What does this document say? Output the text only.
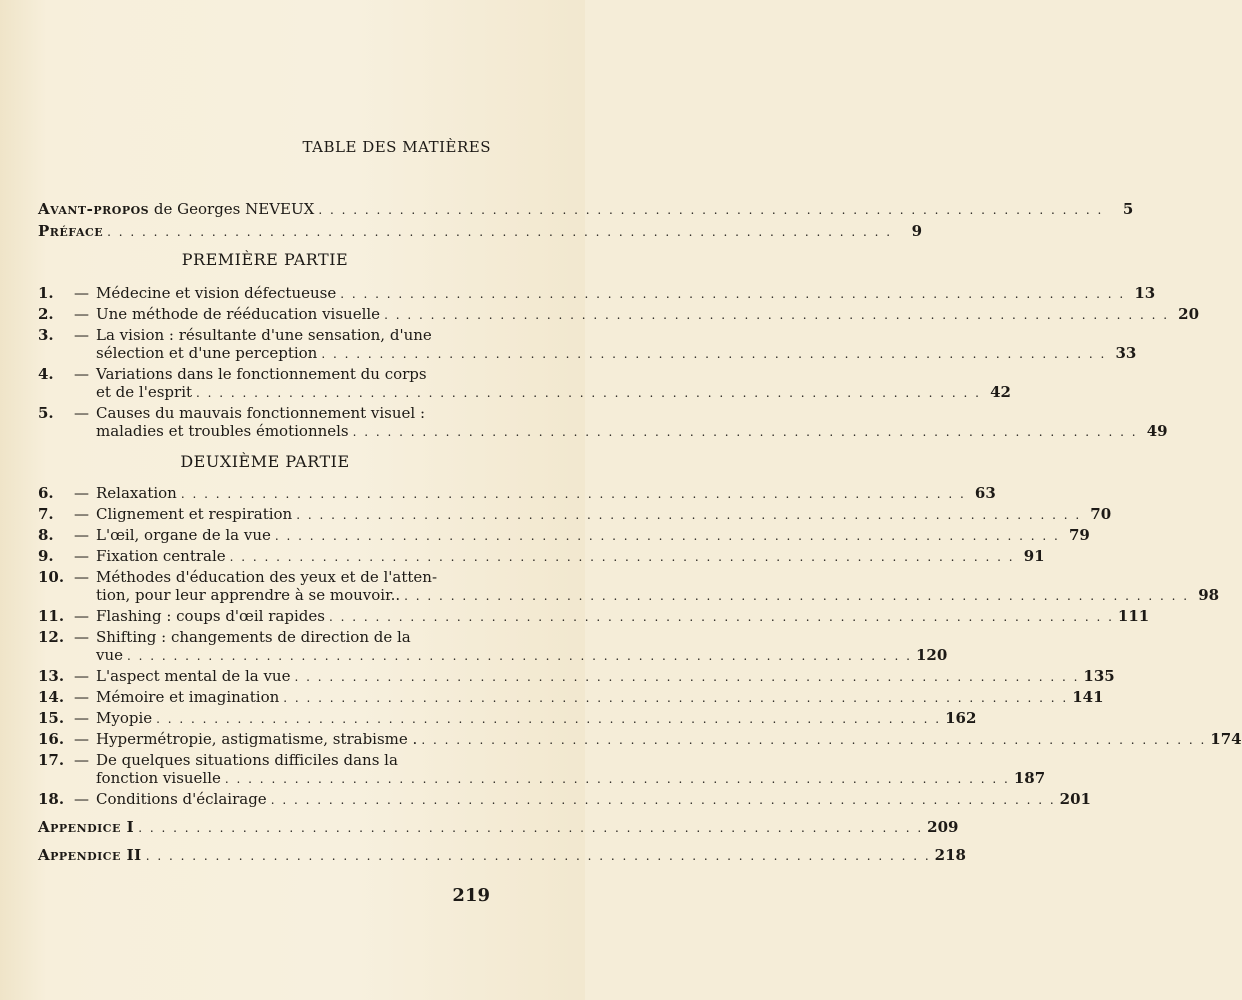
TABLE DES MATIÈRES
Avant-propos de Georges NEVEUX . . . . . . . . . . . . . . . . . . . . . . . . . . . . . . . . . . . . . . . . . . . . . . . . . . . . . . . . . . . . . . . . . . . .	5
Préface . . . . . . . . . . . . . . . . . . . . . . . . . . . . . . . . . . . . . . . . . . . . . . . . . . . . . . . . . . . . . . . . . . . .	9
PREMIÈRE PARTIE
1.	— Médecine et vision défectueuse . . . . . . . . . . . . . . . . . . . . . . . . . . . . . . . . . . . . . . . . . . . . . . . . . . . . . . . . . . . . . . . . . . . . 13
2.	— Une méthode de rééducation visuelle . . . . . . . . . . . . . . . . . . . . . . . . . . . . . . . . . . . . . . . . . . . . . . . . . . . . . . . . . . . . . . . . . . . . 20
3.	— La vision : résultante d'une sensation, d'une
sélection et d'une perception . . . . . . . . . . . . . . . . . . . . . . . . . . . . . . . . . . . . . . . . . . . . . . . . . . . . . . . . . . . . . . . . . . . . 33
4.	— Variations dans le fonctionnement du corps
et de l'esprit . . . . . . . . . . . . . . . . . . . . . . . . . . . . . . . . . . . . . . . . . . . . . . . . . . . . . . . . . . . . . . . . . . . . 42
5.	— Causes du mauvais fonctionnement visuel :
maladies et troubles émotionnels . . . . . . . . . . . . . . . . . . . . . . . . . . . . . . . . . . . . . . . . . . . . . . . . . . . . . . . . . . . . . . . . . . . . 49
DEUXIÈME PARTIE
6.	— Relaxation . . . . . . . . . . . . . . . . . . . . . . . . . . . . . . . . . . . . . . . . . . . . . . . . . . . . . . . . . . . . . . . . . . . . 63
7.	— Clignement et respiration . . . . . . . . . . . . . . . . . . . . . . . . . . . . . . . . . . . . . . . . . . . . . . . . . . . . . . . . . . . . . . . . . . . . 70
8.	— L'œil, organe de la vue . . . . . . . . . . . . . . . . . . . . . . . . . . . . . . . . . . . . . . . . . . . . . . . . . . . . . . . . . . . . . . . . . . . . 79
9.	— Fixation centrale . . . . . . . . . . . . . . . . . . . . . . . . . . . . . . . . . . . . . . . . . . . . . . . . . . . . . . . . . . . . . . . . . . . . 91
10. — Méthodes d'éducation des yeux et de l'atten-
tion, pour leur apprendre à se mouvoir.. . . . . . . . . . . . . . . . . . . . . . . . . . . . . . . . . . . . . . . . . . . . . . . . . . . . . . . . . . . . . . . . . . . . . 98
11. — Flashing : coups d'œil rapides . . . . . . . . . . . . . . . . . . . . . . . . . . . . . . . . . . . . . . . . . . . . . . . . . . . . . . . . . . . . . . . . . . . . 111
12. — Shifting : changements de direction de la
vue . . . . . . . . . . . . . . . . . . . . . . . . . . . . . . . . . . . . . . . . . . . . . . . . . . . . . . . . . . . . . . . . . . . . 120
13. — L'aspect mental de la vue . . . . . . . . . . . . . . . . . . . . . . . . . . . . . . . . . . . . . . . . . . . . . . . . . . . . . . . . . . . . . . . . . . . . 135
14. — Mémoire et imagination . . . . . . . . . . . . . . . . . . . . . . . . . . . . . . . . . . . . . . . . . . . . . . . . . . . . . . . . . . . . . . . . . . . . 141
15. — Myopie . . . . . . . . . . . . . . . . . . . . . . . . . . . . . . . . . . . . . . . . . . . . . . . . . . . . . . . . . . . . . . . . . . . . 162
16. — Hypermétropie, astigmatisme, strabisme . . . . . . . . . . . . . . . . . . . . . . . . . . . . . . . . . . . . . . . . . . . . . . . . . . . . . . . . . . . . . . . . . . . . . 174
17. — De quelques situations difficiles dans la
fonction visuelle . . . . . . . . . . . . . . . . . . . . . . . . . . . . . . . . . . . . . . . . . . . . . . . . . . . . . . . . . . . . . . . . . . . . 187
18. — Conditions d'éclairage . . . . . . . . . . . . . . . . . . . . . . . . . . . . . . . . . . . . . . . . . . . . . . . . . . . . . . . . . . . . . . . . . . . . 201
Appendice I . . . . . . . . . . . . . . . . . . . . . . . . . . . . . . . . . . . . . . . . . . . . . . . . . . . . . . . . . . . . . . . . . . . . 209
Appendice II . . . . . . . . . . . . . . . . . . . . . . . . . . . . . . . . . . . . . . . . . . . . . . . . . . . . . . . . . . . . . . . . . . . . 218
219
